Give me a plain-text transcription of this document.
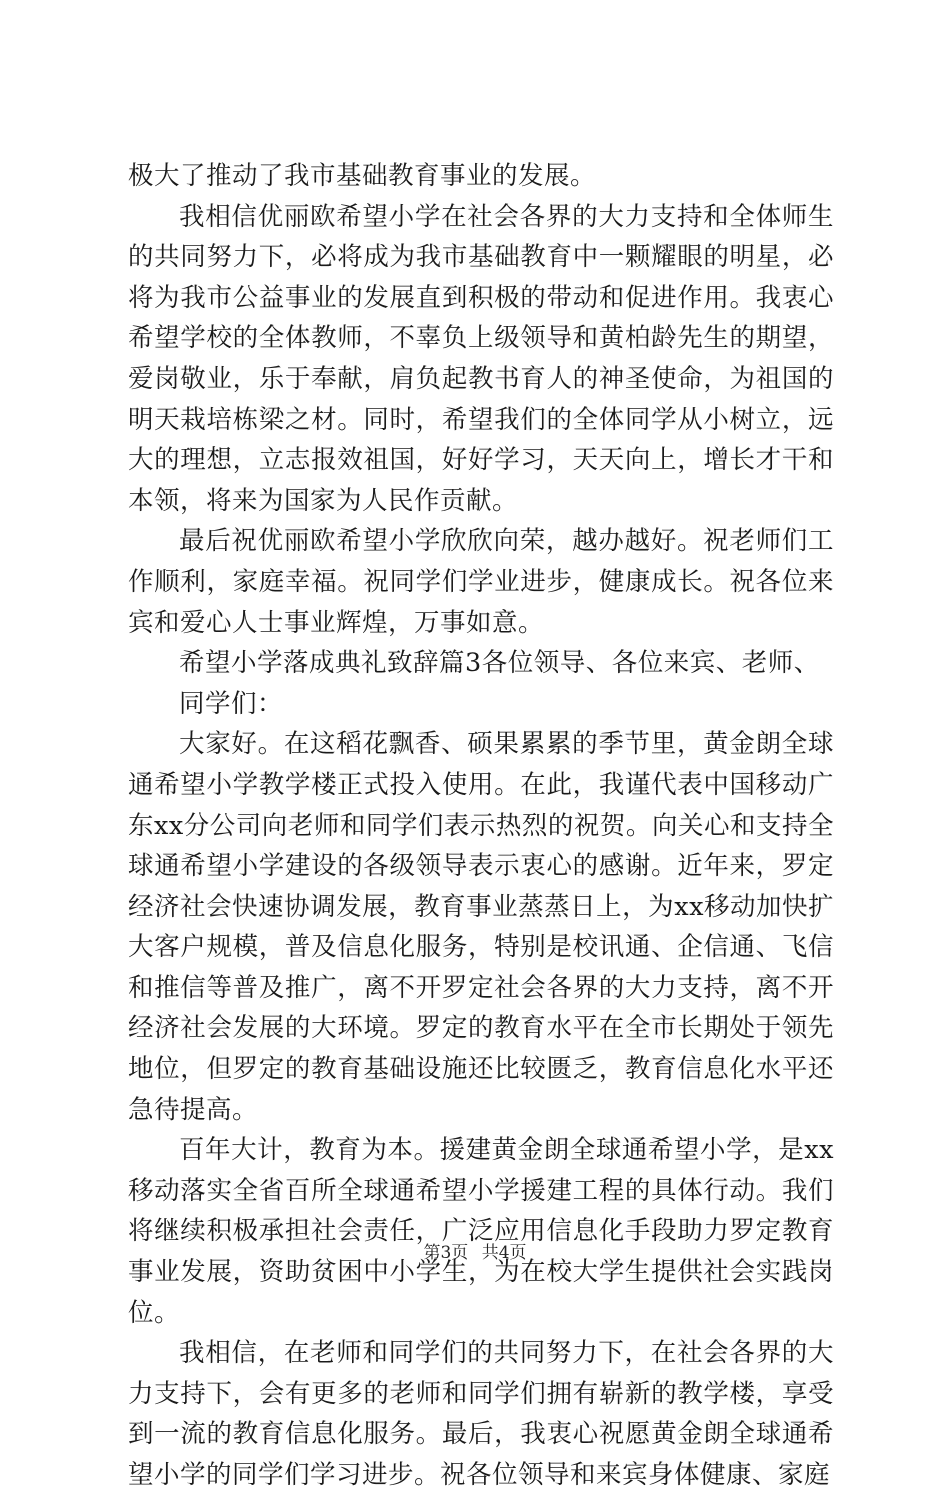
极大了推动了我市基础教育事业的发展。

我相信优丽欧希望小学在社会各界的大力支持和全体师生的共同努力下，必将成为我市基础教育中一颗耀眼的明星，必将为我市公益事业的发展直到积极的带动和促进作用。我衷心希望学校的全体教师，不辜负上级领导和黄柏龄先生的期望，爱岗敬业，乐于奉献，肩负起教书育人的神圣使命，为祖国的明天栽培栋梁之材。同时，希望我们的全体同学从小树立，远大的理想，立志报效祖国，好好学习，天天向上，增长才干和本领，将来为国家为人民作贡献。

最后祝优丽欧希望小学欣欣向荣，越办越好。祝老师们工作顺利，家庭幸福。祝同学们学业进步，健康成长。祝各位来宾和爱心人士事业辉煌，万事如意。

希望小学落成典礼致辞篇3各位领导、各位来宾、老师、

同学们：

大家好。在这稻花飘香、硕果累累的季节里，黄金朗全球通希望小学教学楼正式投入使用。在此，我谨代表中国移动广东xx分公司向老师和同学们表示热烈的祝贺。向关心和支持全球通希望小学建设的各级领导表示衷心的感谢。近年来，罗定经济社会快速协调发展，教育事业蒸蒸日上，为xx移动加快扩大客户规模，普及信息化服务，特别是校讯通、企信通、飞信和推信等普及推广，离不开罗定社会各界的大力支持，离不开经济社会发展的大环境。罗定的教育水平在全市长期处于领先地位，但罗定的教育基础设施还比较匮乏，教育信息化水平还急待提高。

百年大计，教育为本。援建黄金朗全球通希望小学，是xx移动落实全省百所全球通希望小学援建工程的具体行动。我们将继续积极承担社会责任，广泛应用信息化手段助力罗定教育事业发展，资助贫困中小学生，为在校大学生提供社会实践岗位。

我相信，在老师和同学们的共同努力下，在社会各界的大力支持下，会有更多的老师和同学们拥有崭新的教学楼，享受到一流的教育信息化服务。最后，我衷心祝愿黄金朗全球通希望小学的同学们学习进步。祝各位领导和来宾身体健康、家庭

第3页 共4页
